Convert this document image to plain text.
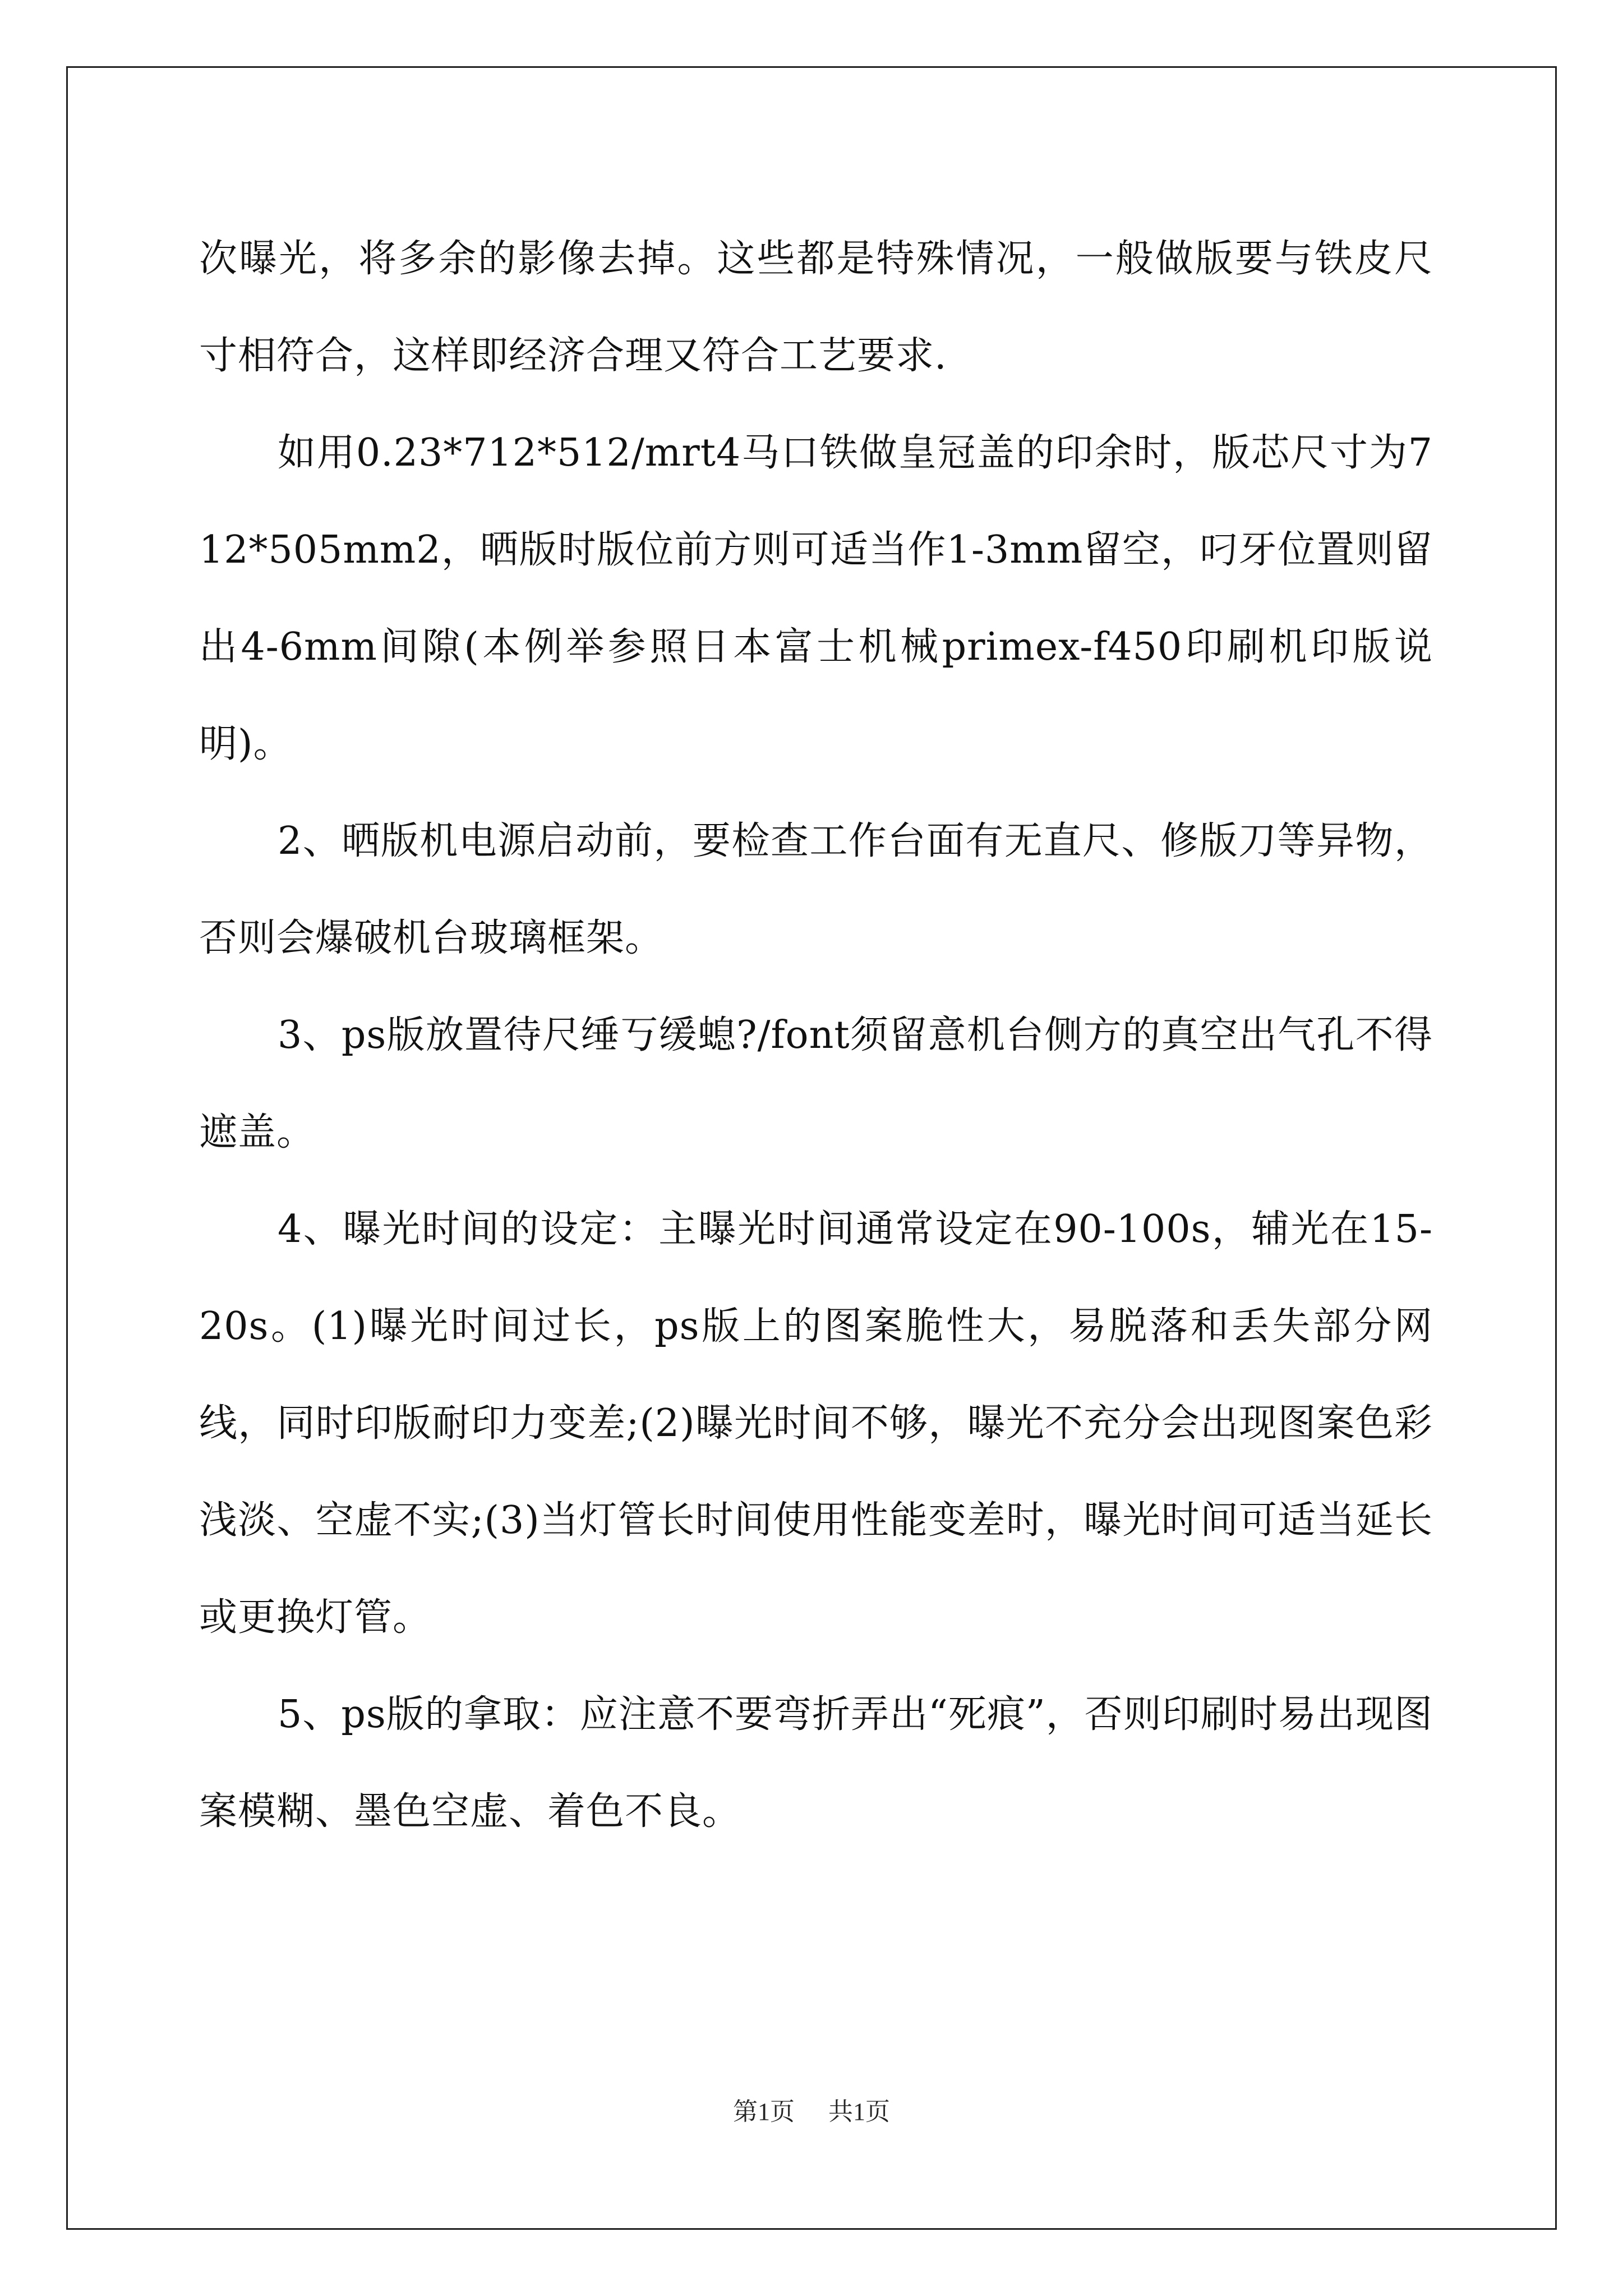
次曝光，将多余的影像去掉。这些都是特殊情况，一般做版要与铁皮尺寸相符合，这样即经济合理又符合工艺要求.

如用0.23*712*512/mrt4马口铁做皇冠盖的印余时，版芯尺寸为712*505mm2，晒版时版位前方则可适当作1-3mm留空，叼牙位置则留出4-6mm间隙(本例举参照日本富士机械primex-f450印刷机印版说明)。

2、晒版机电源启动前，要检查工作台面有无直尺、修版刀等异物，否则会爆破机台玻璃框架。

3、ps版放置待尺缍丂缓螅?/font须留意机台侧方的真空出气孔不得遮盖。

4、曝光时间的设定：主曝光时间通常设定在90-100s，辅光在15-20s。(1)曝光时间过长，ps版上的图案脆性大，易脱落和丢失部分网线，同时印版耐印力变差;(2)曝光时间不够，曝光不充分会出现图案色彩浅淡、空虚不实;(3)当灯管长时间使用性能变差时，曝光时间可适当延长或更换灯管。

5、ps版的拿取：应注意不要弯折弄出“死痕”，否则印刷时易出现图案模糊、墨色空虚、着色不良。

第1页 共1页
